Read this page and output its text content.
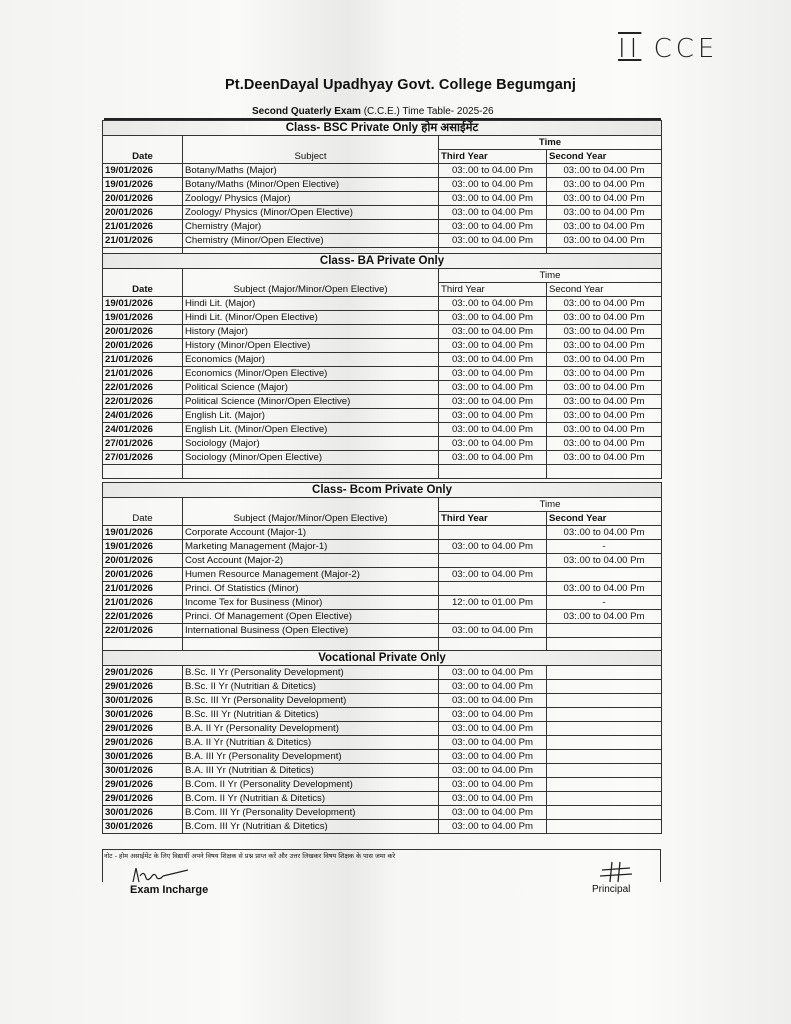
II CCE
Pt.DeenDayal Upadhyay Govt. College Begumganj
Second Quaterly Exam (C.C.E.) Time Table- 2025-26
Class- BSC Private Only होम असाईमेंट			
Date	Subject	Time	
		Third Year	Second Year
19/01/2026	Botany/Maths (Major)	03:.00 to 04.00 Pm	03:.00 to 04.00 Pm
19/01/2026	Botany/Maths (Minor/Open Elective)	03:.00 to 04.00 Pm	03:.00 to 04.00 Pm
20/01/2026	Zoology/ Physics (Major)	03:.00 to 04.00 Pm	03:.00 to 04.00 Pm
20/01/2026	Zoology/ Physics (Minor/Open Elective)	03:.00 to 04.00 Pm	03:.00 to 04.00 Pm
21/01/2026	Chemistry (Major)	03:.00 to 04.00 Pm	03:.00 to 04.00 Pm
21/01/2026	Chemistry (Minor/Open Elective)	03:.00 to 04.00 Pm	03:.00 to 04.00 Pm

Class- BA Private Only			
Date	Subject (Major/Minor/Open Elective)	Time	
		Third Year	Second Year
19/01/2026	Hindi Lit. (Major)	03:.00 to 04.00 Pm	03:.00 to 04.00 Pm
19/01/2026	Hindi Lit. (Minor/Open Elective)	03:.00 to 04.00 Pm	03:.00 to 04.00 Pm
20/01/2026	History (Major)	03:.00 to 04.00 Pm	03:.00 to 04.00 Pm
20/01/2026	History (Minor/Open Elective)	03:.00 to 04.00 Pm	03:.00 to 04.00 Pm
21/01/2026	Economics (Major)	03:.00 to 04.00 Pm	03:.00 to 04.00 Pm
21/01/2026	Economics (Minor/Open Elective)	03:.00 to 04.00 Pm	03:.00 to 04.00 Pm
22/01/2026	Political Science (Major)	03:.00 to 04.00 Pm	03:.00 to 04.00 Pm
22/01/2026	Political Science (Minor/Open Elective)	03:.00 to 04.00 Pm	03:.00 to 04.00 Pm
24/01/2026	English Lit. (Major)	03:.00 to 04.00 Pm	03:.00 to 04.00 Pm
24/01/2026	English Lit. (Minor/Open Elective)	03:.00 to 04.00 Pm	03:.00 to 04.00 Pm
27/01/2026	Sociology (Major)	03:.00 to 04.00 Pm	03:.00 to 04.00 Pm
27/01/2026	Sociology (Minor/Open Elective)	03:.00 to 04.00 Pm	03:.00 to 04.00 Pm

Class- Bcom Private Only			
Date	Subject (Major/Minor/Open Elective)	Time	
		Third Year	Second Year
19/01/2026	Corporate Account (Major-1)		03:.00 to 04.00 Pm
19/01/2026	Marketing Management (Major-1)	03:.00 to 04.00 Pm	-
20/01/2026	Cost Account (Major-2)		03:.00 to 04.00 Pm
20/01/2026	Humen Resource Management (Major-2)	03:.00 to 04.00 Pm	
21/01/2026	Princi. Of Statistics (Minor)		03:.00 to 04.00 Pm
21/01/2026	Income Tex for Business (Minor)	12:.00 to 01.00 Pm	-
22/01/2026	Princi. Of Management (Open Elective)		03:.00 to 04.00 Pm
22/01/2026	International Business (Open Elective)	03:.00 to 04.00 Pm	

Vocational Private Only			
29/01/2026	B.Sc. II Yr (Personality Development)	03:.00 to 04.00 Pm	
29/01/2026	B.Sc. II Yr (Nutritian & Ditetics)	03:.00 to 04.00 Pm	
30/01/2026	B.Sc. III Yr (Personality Development)	03:.00 to 04.00 Pm	
30/01/2026	B.Sc. III Yr (Nutritian & Ditetics)	03:.00 to 04.00 Pm	
29/01/2026	B.A. II Yr (Personality Development)	03:.00 to 04.00 Pm	
29/01/2026	B.A. II Yr (Nutritian & Ditetics)	03:.00 to 04.00 Pm	
30/01/2026	B.A. III Yr (Personality Development)	03:.00 to 04.00 Pm	
30/01/2026	B.A. III Yr (Nutritian & Ditetics)	03:.00 to 04.00 Pm	
29/01/2026	B.Com. II Yr (Personality Development)	03:.00 to 04.00 Pm	
29/01/2026	B.Com. II Yr (Nutritian & Ditetics)	03:.00 to 04.00 Pm	
30/01/2026	B.Com. III Yr (Personality Development)	03:.00 to 04.00 Pm	
30/01/2026	B.Com. III Yr (Nutritian & Ditetics)	03:.00 to 04.00 Pm	
नोट - होम असाईमेंट के लिए विद्यार्थी अपने विषय शिक्षक से प्रश्न प्राप्त करें और उत्तर लिखकर विषय शिक्षक के पास जमा करे
Exam Incharge	Principal
